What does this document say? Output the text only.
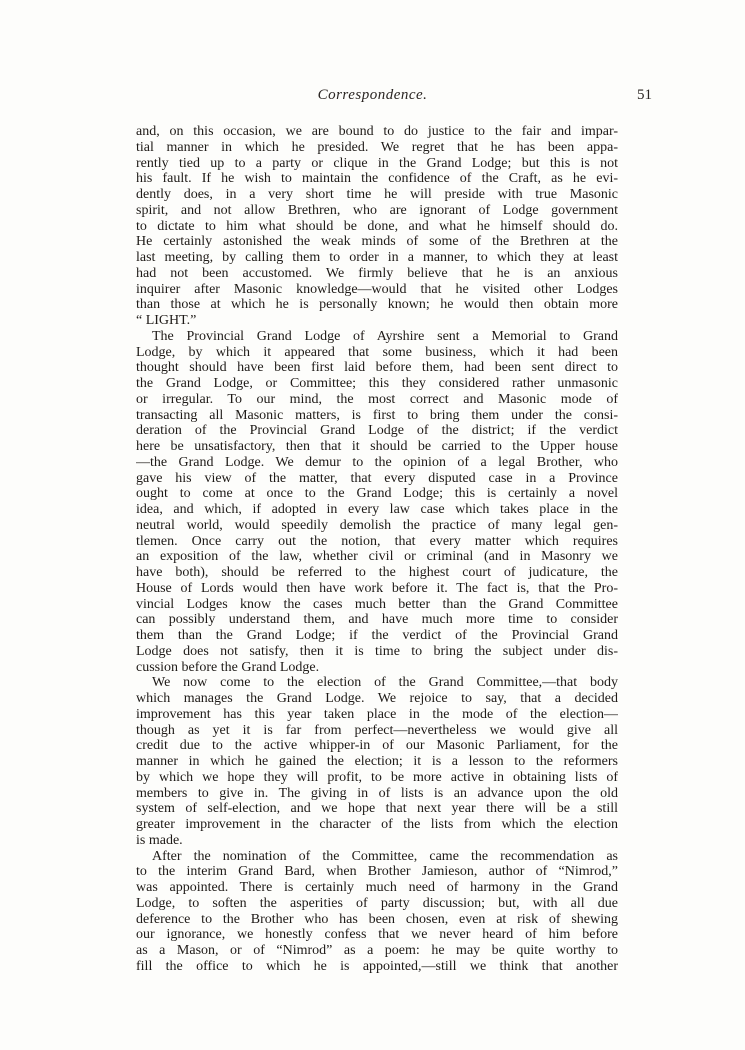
Correspondence.	51
and, on this occasion, we are bound to do justice to the fair and impar-
tial manner in which he presided. We regret that he has been appa-
rently tied up to a party or clique in the Grand Lodge; but this is not
his fault. If he wish to maintain the confidence of the Craft, as he evi-
dently does, in a very short time he will preside with true Masonic
spirit, and not allow Brethren, who are ignorant of Lodge government
to dictate to him what should be done, and what he himself should do.
He certainly astonished the weak minds of some of the Brethren at the
last meeting, by calling them to order in a manner, to which they at least
had not been accustomed. We firmly believe that he is an anxious
inquirer after Masonic knowledge—would that he visited other Lodges
than those at which he is personally known; he would then obtain more
“ LIGHT.”
The Provincial Grand Lodge of Ayrshire sent a Memorial to Grand
Lodge, by which it appeared that some business, which it had been
thought should have been first laid before them, had been sent direct to
the Grand Lodge, or Committee; this they considered rather unmasonic
or irregular. To our mind, the most correct and Masonic mode of
transacting all Masonic matters, is first to bring them under the consi-
deration of the Provincial Grand Lodge of the district; if the verdict
here be unsatisfactory, then that it should be carried to the Upper house
—the Grand Lodge. We demur to the opinion of a legal Brother, who
gave his view of the matter, that every disputed case in a Province
ought to come at once to the Grand Lodge; this is certainly a novel
idea, and which, if adopted in every law case which takes place in the
neutral world, would speedily demolish the practice of many legal gen-
tlemen. Once carry out the notion, that every matter which requires
an exposition of the law, whether civil or criminal (and in Masonry we
have both), should be referred to the highest court of judicature, the
House of Lords would then have work before it. The fact is, that the Pro-
vincial Lodges know the cases much better than the Grand Committee
can possibly understand them, and have much more time to consider
them than the Grand Lodge; if the verdict of the Provincial Grand
Lodge does not satisfy, then it is time to bring the subject under dis-
cussion before the Grand Lodge.
We now come to the election of the Grand Committee,—that body
which manages the Grand Lodge. We rejoice to say, that a decided
improvement has this year taken place in the mode of the election—
though as yet it is far from perfect—nevertheless we would give all
credit due to the active whipper-in of our Masonic Parliament, for the
manner in which he gained the election; it is a lesson to the reformers
by which we hope they will profit, to be more active in obtaining lists of
members to give in. The giving in of lists is an advance upon the old
system of self-election, and we hope that next year there will be a still
greater improvement in the character of the lists from which the election
is made.
After the nomination of the Committee, came the recommendation as
to the interim Grand Bard, when Brother Jamieson, author of “Nimrod,”
was appointed. There is certainly much need of harmony in the Grand
Lodge, to soften the asperities of party discussion; but, with all due
deference to the Brother who has been chosen, even at risk of shewing
our ignorance, we honestly confess that we never heard of him before
as a Mason, or of “Nimrod” as a poem: he may be quite worthy to
fill the office to which he is appointed,—still we think that another
